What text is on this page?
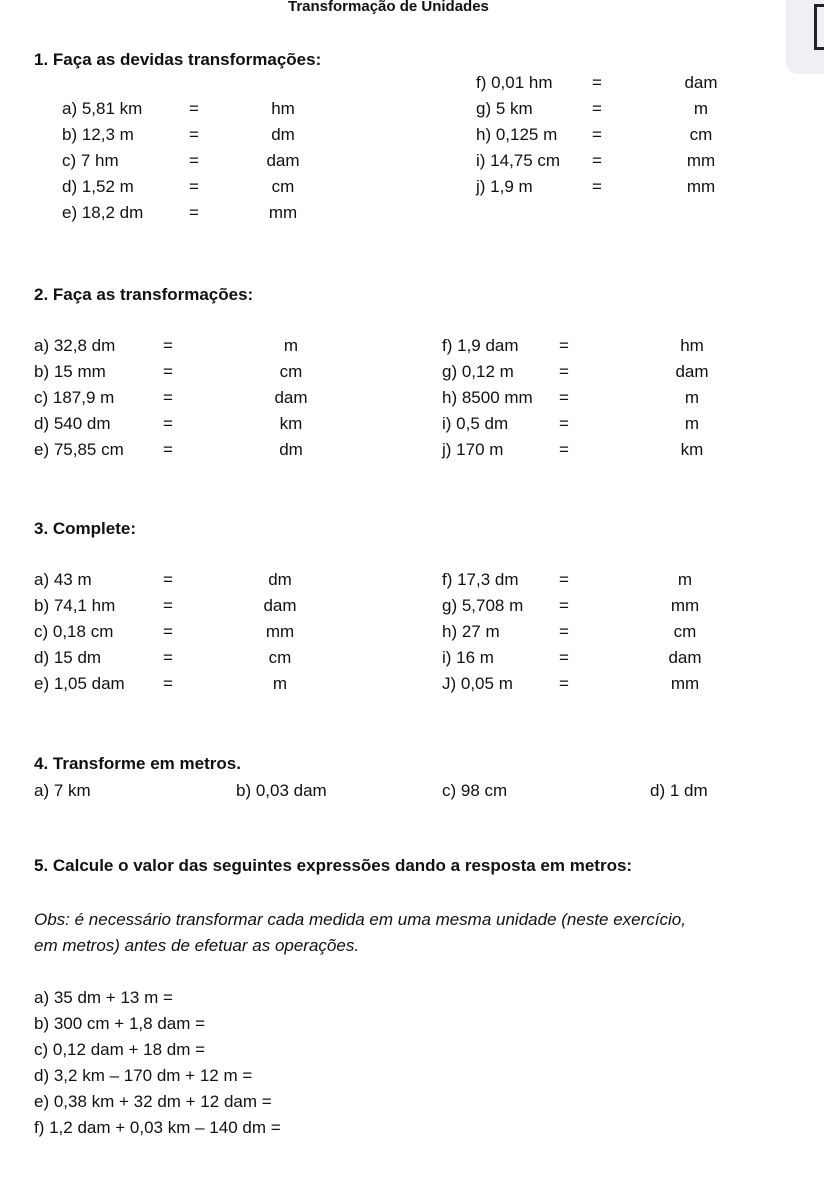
Transformação de Unidades
1. Faça as devidas transformações:
a) 5,81 km	=	hm
b) 12,3 m	=	dm
c) 7 hm	=	dam
d) 1,52 m	=	cm
e) 18,2 dm	=	mm
f) 0,01 hm =	dam
g) 5 km	=	m
h) 0,125 m =	cm
i) 14,75 cm =	mm
j) 1,9 m	=	mm
2. Faça as transformações:
a) 32,8 dm	=	m
b) 15 mm	=	cm
c) 187,9 m	=	dam
d) 540 dm	=	km
e) 75,85 cm =	dm
f) 1,9 dam =	hm
g) 0,12 m	=	dam
h) 8500 mm =	m
i) 0,5 dm	=	m
j) 170 m	=	km
3. Complete:
a) 43 m	=	dm
b) 74,1 hm	=	dam
c) 0,18 cm	=	mm
d) 15 dm	=	cm
e) 1,05 dam =	m
f) 17,3 dm =	m
g) 5,708 m =	mm
h) 27 m	=	cm
i) 16 m	=	dam
J) 0,05 m	=	mm
4. Transforme em metros.
a) 7 km	b) 0,03 dam	c) 98 cm	d) 1 dm
5. Calcule o valor das seguintes expressões dando a resposta em metros:
Obs: é necessário transformar cada medida em uma mesma unidade (neste exercício,
em metros) antes de efetuar as operações.
a) 35 dm + 13 m =
b) 300 cm + 1,8 dam =
c) 0,12 dam + 18 dm =
d) 3,2 km – 170 dm + 12 m =
e) 0,38 km + 32 dm + 12 dam =
f) 1,2 dam + 0,03 km – 140 dm =
